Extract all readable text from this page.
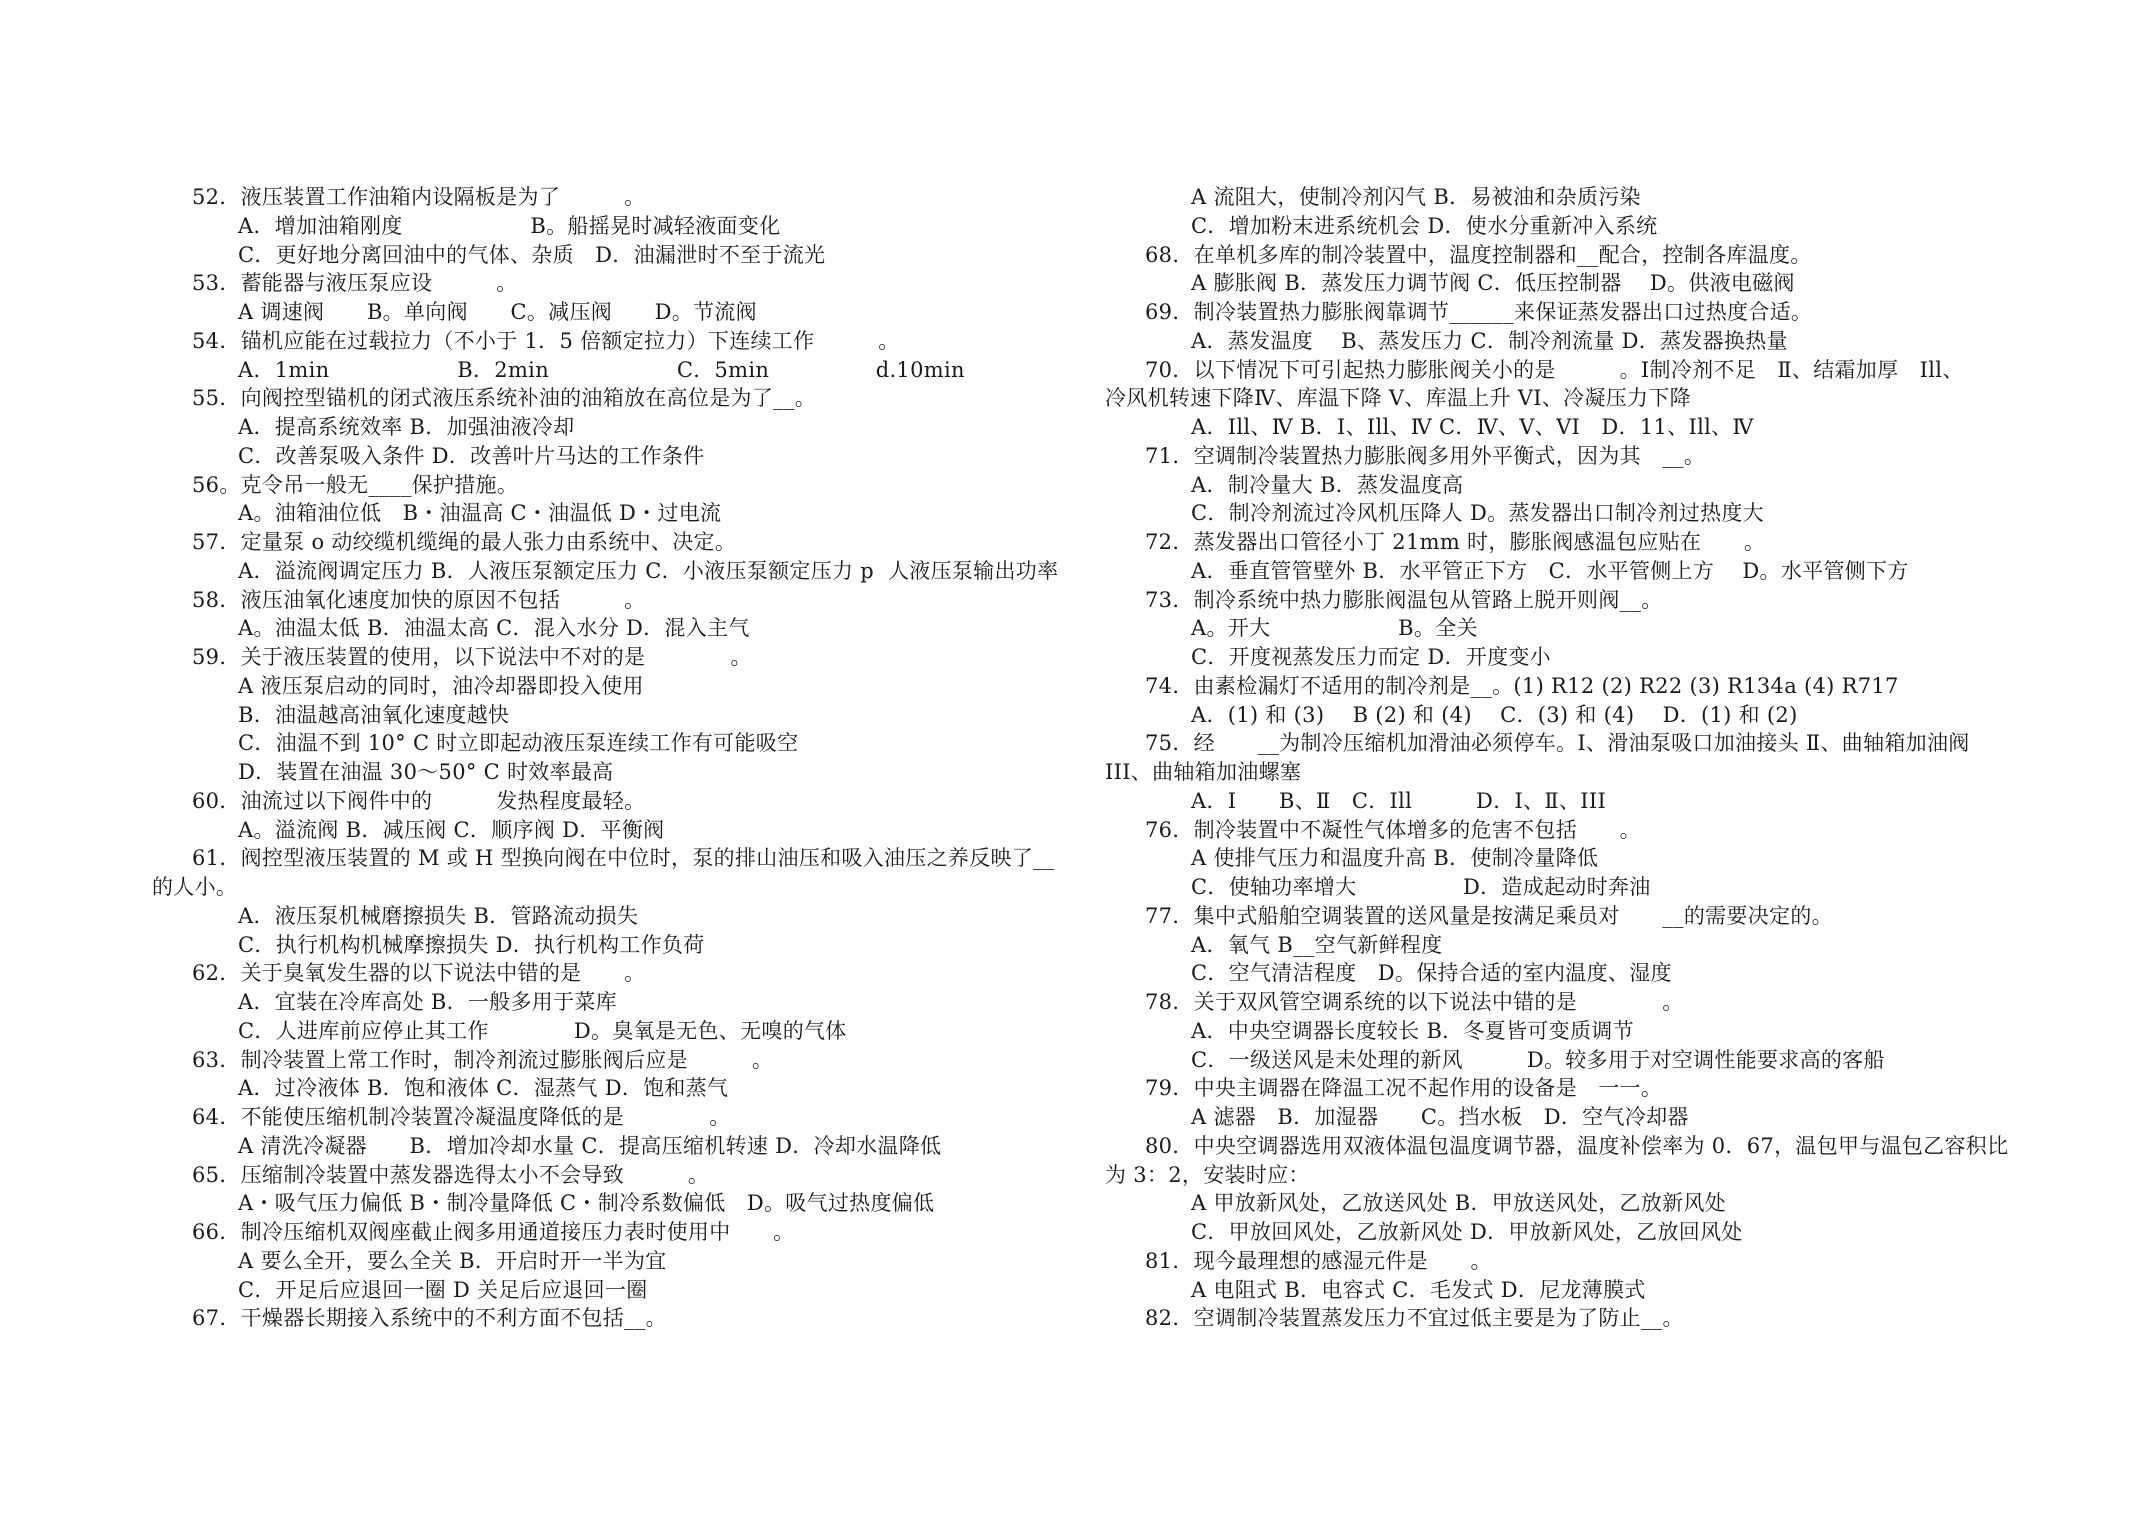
52．液压装置工作油箱内设隔板是为了　　　。
A．增加油箱刚度　　　　　　B。船摇晃时减轻液面变化
C．更好地分离回油中的气体、杂质　D．油漏泄时不至于流光
53．蓄能器与液压泵应设　　　。
A 调速阀　　B。单向阀　　C。减压阀　　D。节流阀
54．锚机应能在过载拉力（不小于 1．5 倍额定拉力）下连续工作　　　。
A．1min　　　　　　B．2min　　　　　　C．5min　　　　　d.10min
55．向阀控型锚机的闭式液压系统补油的油箱放在高位是为了__。
A．提高系统效率 B．加强油液冷却
C．改善泵吸入条件 D．改善叶片马达的工作条件
56。克令吊一般无____保护措施。
A。油箱油位低　B・油温高 C・油温低 D・过电流
57．定量泵 o 动绞缆机缆绳的最人张力由系统中、决定。
A．溢流阀调定压力 B．人液压泵额定压力 C．小液压泵额定压力 p  人液压泵输出功率
58．液压油氧化速度加快的原因不包括　　　。
A。油温太低 B．油温太高 C．混入水分 D．混入主气
59．关于液压装置的使用，以下说法中不对的是　　　　。
A 液压泵启动的同时，油冷却器即投入使用
B．油温越高油氧化速度越快
C．油温不到 10° C 时立即起动液压泵连续工作有可能吸空
D．装置在油温 30～50° C 时效率最高
60．油流过以下阀件中的　　　发热程度最轻。
A。溢流阀 B．减压阀 C．顺序阀 D．平衡阀
61．阀控型液压装置的 M 或 H 型换向阀在中位时，泵的排山油压和吸入油压之养反映了__
的人小。
A．液压泵机械磨擦损失 B．管路流动损失
C．执行机构机械摩擦损失 D．执行机构工作负荷
62．关于臭氧发生器的以下说法中错的是　　。
A．宜装在冷库高处 B．一般多用于菜库
C．人进库前应停止其工作　　　　D。臭氧是无色、无嗅的气体
63．制冷装置上常工作时，制冷剂流过膨胀阀后应是　　　。
A．过冷液体 B．饱和液体 C．湿蒸气 D．饱和蒸气
64．不能使压缩机制冷装置冷凝温度降低的是　　　　。
A 清洗冷凝器　　B．增加冷却水量 C．提高压缩机转速 D．冷却水温降低
65．压缩制冷装置中蒸发器选得太小不会导致　　　。
A・吸气压力偏低 B・制冷量降低 C・制冷系数偏低　D。吸气过热度偏低
66．制冷压缩机双阀座截止阀多用通道接压力表时使用中　　。
A 要么全开，要么全关 B．开启时开一半为宜
C．开足后应退回一圈 D 关足后应退回一圈
67．干燥器长期接入系统中的不利方面不包括__。
A 流阻大，使制冷剂闪气 B．易被油和杂质污染
C．增加粉末进系统机会 D．使水分重新冲入系统
68．在单机多库的制冷装置中，温度控制器和__配合，控制各库温度。
A 膨胀阀 B．蒸发压力调节阀 C．低压控制器　 D。供液电磁阀
69．制冷装置热力膨胀阀靠调节______来保证蒸发器出口过热度合适。
A．蒸发温度　 B、蒸发压力 C．制冷剂流量 D．蒸发器换热量
70．以下情况下可引起热力膨胀阀关小的是　　　。Ⅰ制冷剂不足　Ⅱ、结霜加厚　Ill、
冷风机转速下降Ⅳ、库温下降 V、库温上升 VI、冷凝压力下降
A．Ill、Ⅳ B．I、Ill、Ⅳ C．Ⅳ、V、VI　D．11、Ill、Ⅳ
71．空调制冷装置热力膨胀阀多用外平衡式，因为其　__。
A．制冷量大 B．蒸发温度高
C．制冷剂流过冷风机压降人 D。蒸发器出口制冷剂过热度大
72．蒸发器出口管径小丁 21mm 时，膨胀阀感温包应贴在　　。
A．垂直管管壁外 B．水平管正下方　C．水平管侧上方　 D。水平管侧下方
73．制冷系统中热力膨胀阀温包从管路上脱开则阀__。
A。开大　　　　　　B。全关
C．开度视蒸发压力而定 D．开度变小
74．由素检漏灯不适用的制冷剂是__。(1) R12 (2) R22 (3) R134a (4) R717
A．(1) 和 (3)　 B (2) 和 (4)　 C．(3) 和 (4)　 D．(1) 和 (2)
75．经　　__为制冷压缩机加滑油必须停车。I、滑油泵吸口加油接头 Ⅱ、曲轴箱加油阀
III、曲轴箱加油螺塞
A．Ⅰ　　B、Ⅱ　C．Ill　　　D．Ⅰ、Ⅱ、III
76．制冷装置中不凝性气体增多的危害不包括　　。
A 使排气压力和温度升高 B．使制冷量降低
C．使轴功率增大　　　　　D．造成起动时奔油
77．集中式船舶空调装置的送风量是按满足乘员对　　__的需要决定的。
A．氧气 B__空气新鲜程度
C．空气清洁程度　D。保持合适的室内温度、湿度
78．关于双风管空调系统的以下说法中错的是　　　　。
A．中央空调器长度较长 B．冬夏皆可变质调节
C．一级送风是未处理的新风　　　D。较多用于对空调性能要求高的客船
79．中央主调器在降温工况不起作用的设备是　一一。
A 滤器　B．加湿器　　C。挡水板　D．空气冷却器
80．中央空调器选用双液体温包温度调节器，温度补偿率为 0．67，温包甲与温包乙容积比
为 3：2，安装时应：
A 甲放新风处，乙放送风处 B．甲放送风处，乙放新风处
C．甲放回风处，乙放新风处 D．甲放新风处，乙放回风处
81．现今最理想的感湿元件是　　。
A 电阻式 B．电容式 C．毛发式 D．尼龙薄膜式
82．空调制冷装置蒸发压力不宜过低主要是为了防止__。
